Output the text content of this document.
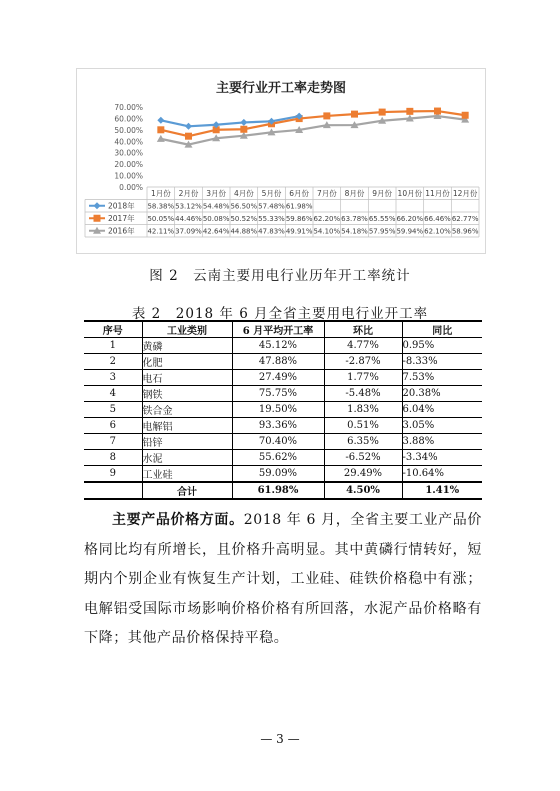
主要行业开工率走势图
0.00%
10.00%
20.00%
30.00%
40.00%
50.00%
60.00%
70.00%
1月份 2月份 3月份 4月份 5月份 6月份 7月份 8月份 9月份 10月份 11月份 12月份
2018年 58.38% 53.12% 54.48% 56.50% 57.48% 61.98%
2017年 50.05% 44.46% 50.08% 50.52% 55.33% 59.86% 62.20% 63.78% 65.55% 66.20% 66.46% 62.77%
2016年 42.11% 37.09% 42.64% 44.88% 47.83% 49.91% 54.10% 54.18% 57.95% 59.94% 62.10% 58.96%
图 2　云南主要用电行业历年开工率统计
表 2　2018 年 6 月全省主要用电行业开工率
序号	工业类别	6 月平均开工率	环比	同比
1	黄磷	45.12%	4.77%	0.95%
2	化肥	47.88%	-2.87%	-8.33%
3	电石	27.49%	1.77%	7.53%
4	钢铁	75.75%	-5.48%	20.38%
5	铁合金	19.50%	1.83%	6.04%
6	电解铝	93.36%	0.51%	3.05%
7	铅锌	70.40%	6.35%	3.88%
8	水泥	55.62%	-6.52%	-3.34%
9	工业硅	59.09%	29.49%	-10.64%
	合计	61.98%	4.50%	1.41%
主要产品价格方面。2018 年 6 月，全省主要工业产品价格同比均有所增长，且价格升高明显。其中黄磷行情转好，短期内个别企业有恢复生产计划，工业硅、硅铁价格稳中有涨；电解铝受国际市场影响价格价格有所回落，水泥产品价格略有下降；其他产品价格保持平稳。
— 3 —
